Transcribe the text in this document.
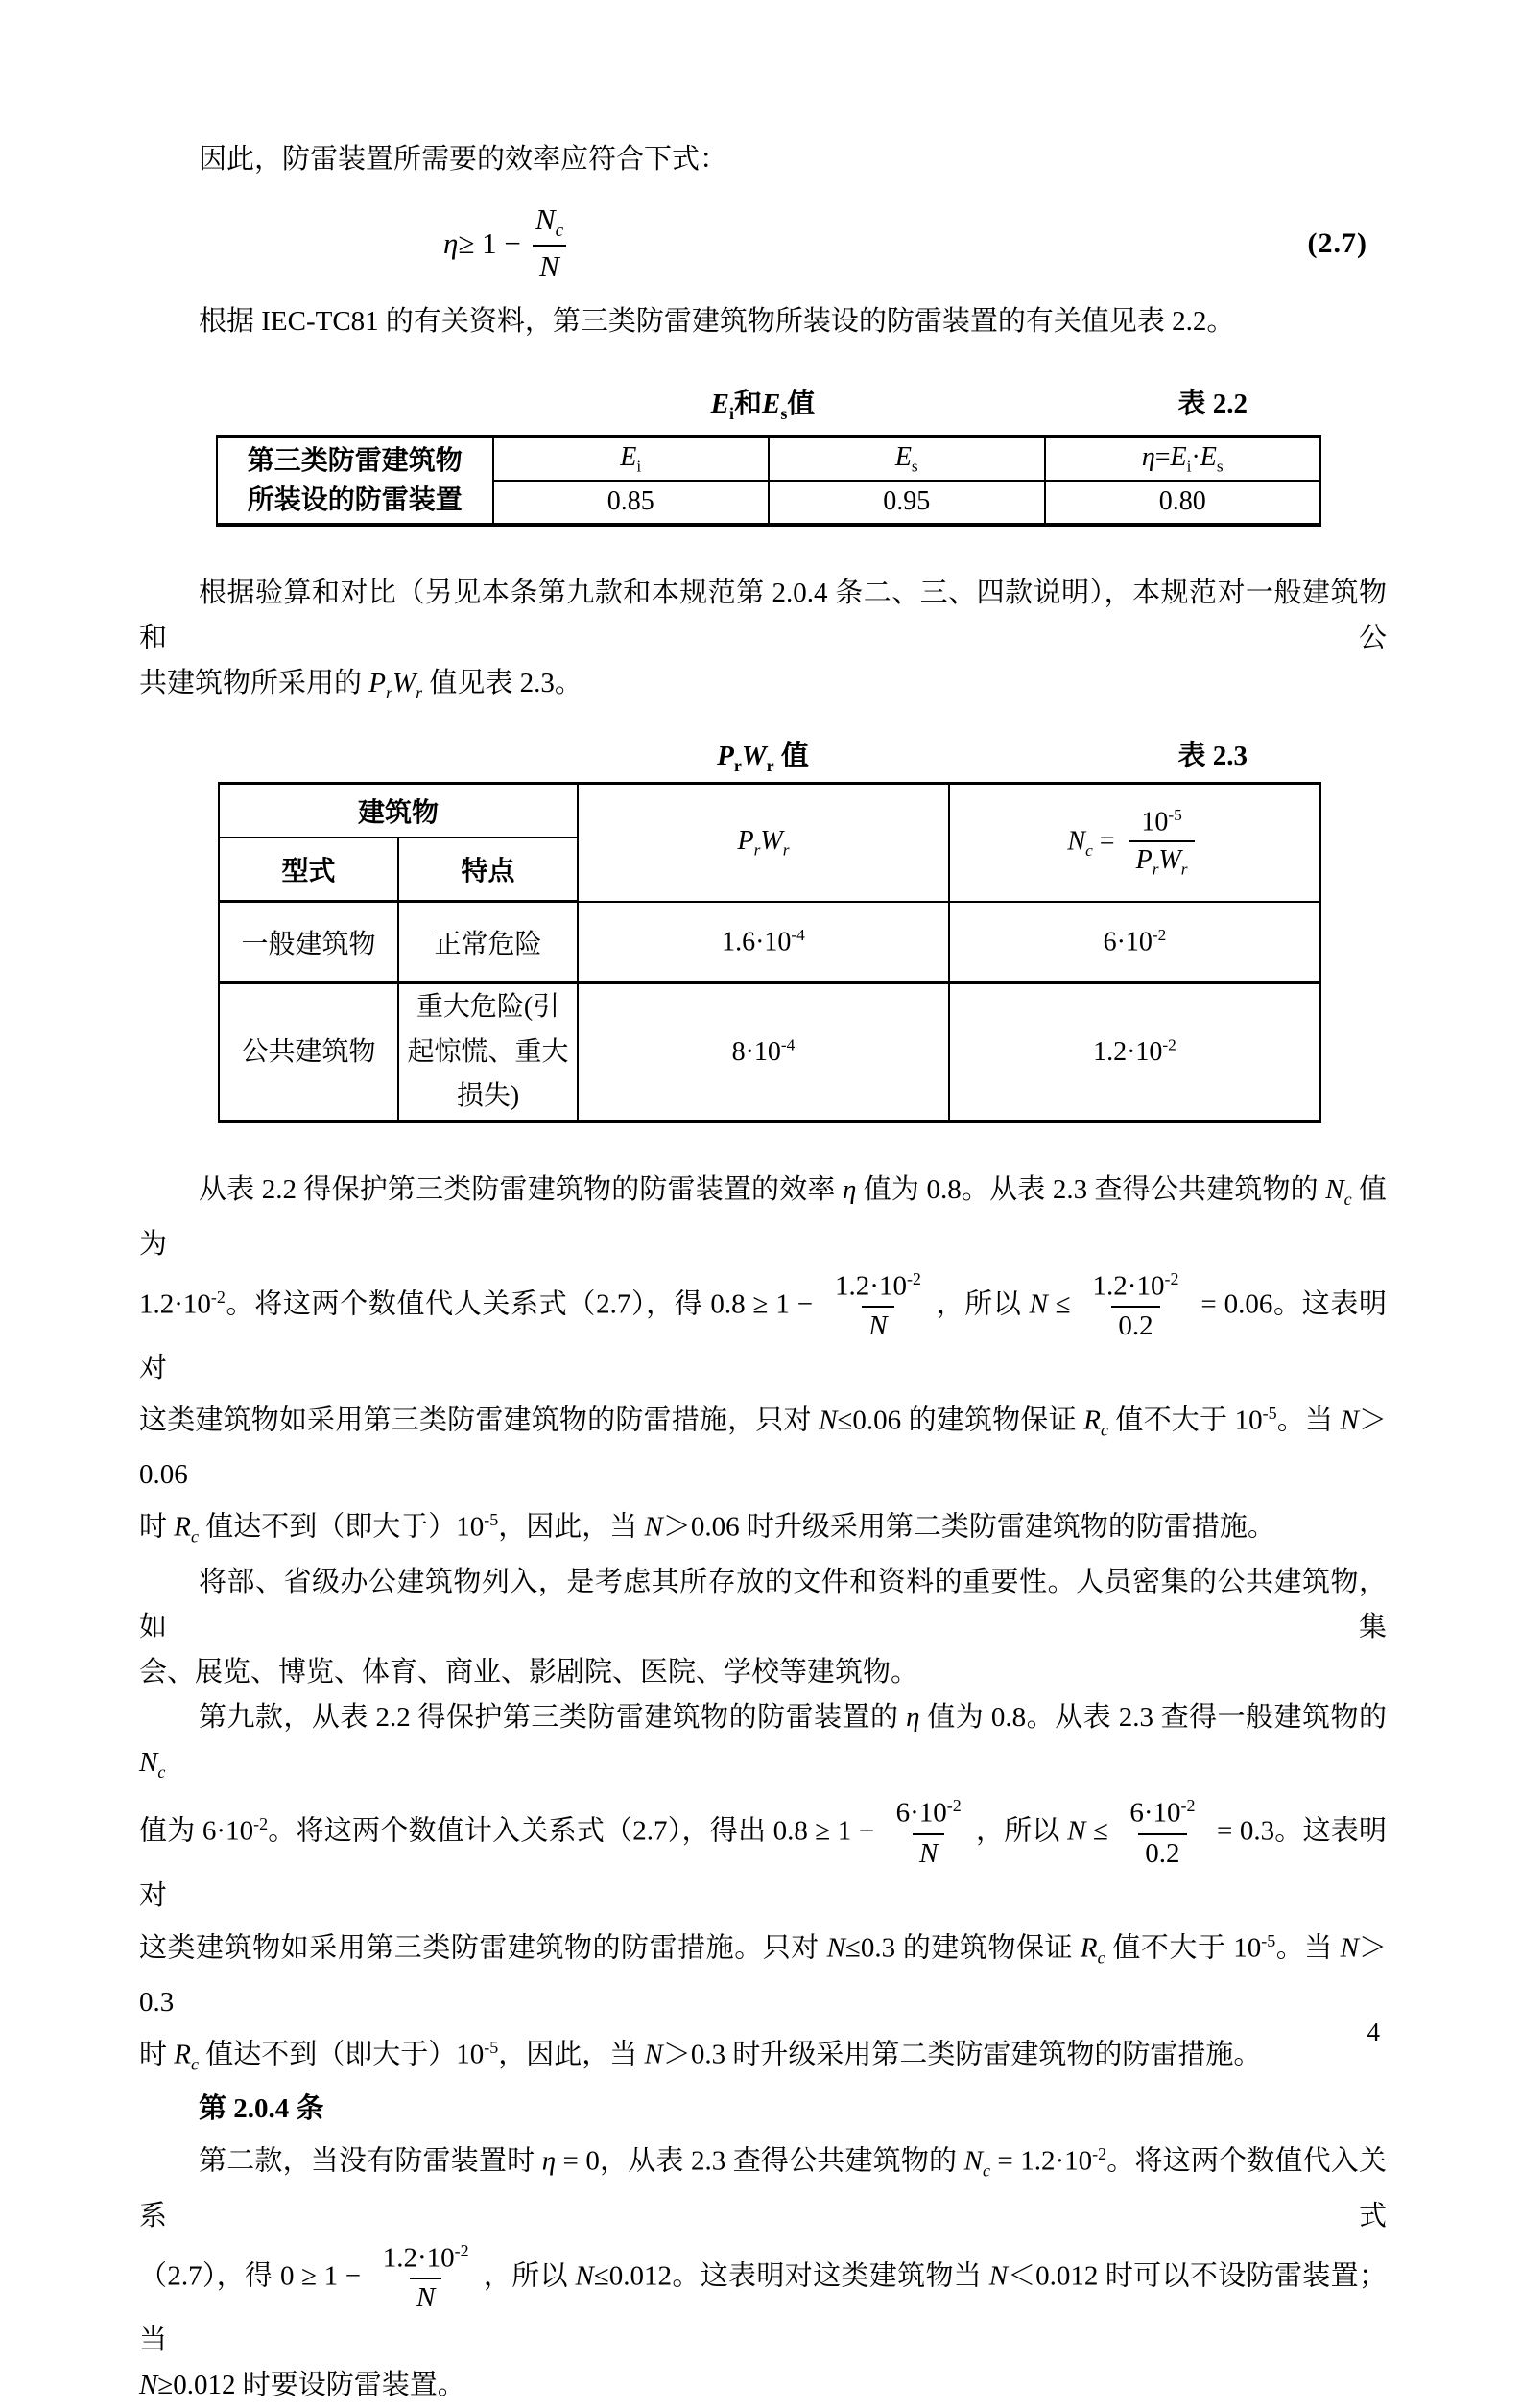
因此，防雷装置所需要的效率应符合下式：
$\eta \ge 1 - \frac{N_c}{N}$	(2.7)
根据 IEC-TC81 的有关资料，第三类防雷建筑物所装设的防雷装置的有关值见表 2.2。
$E_i$和$E_s$值	表 2.2
第三类防雷建筑物
所装设的防雷装置	$E_i$	$E_s$	$\eta=E_i\cdot E_s$
	0.85	0.95	0.80
根据验算和对比（另见本条第九款和本规范第 2.0.4 条二、三、四款说明），本规范对一般建筑物和公
共建筑物所采用的 $P_rW_r$ 值见表 2.3。
$P_rW_r$ 值	表 2.3
建筑物		$P_rW_r$	$N_c = \frac{10^{-5}}{P_rW_r}$

型式	特点		
一般建筑物	正常危险	$1.6\cdot 10^{-4}$	$6\cdot 10^{-2}$
公共建筑物	重大危险(引起惊慌、重大损失)	$8\cdot 10^{-4}$	$1.2\cdot 10^{-2}$
从表 2.2 得保护第三类防雷建筑物的防雷装置的效率 η 值为 0.8。从表 2.3 查得公共建筑物的 $N_c$ 值为
$1.2\cdot 10^{-2}$。将这两个数值代人关系式（2.7），得 $0.8 \ge 1 - \frac{1.2\cdot 10^{-2}}{N}$ ，所以 $N \le \frac{1.2\cdot 10^{-2}}{0.2} = 0.06$。这表明对
这类建筑物如采用第三类防雷建筑物的防雷措施，只对 N≤0.06 的建筑物保证 $R_c$ 值不大于 $10^{-5}$。当 N＞0.06
时 $R_c$ 值达不到（即大于）$10^{-5}$，因此，当 N＞0.06 时升级采用第二类防雷建筑物的防雷措施。
将部、省级办公建筑物列入，是考虑其所存放的文件和资料的重要性。人员密集的公共建筑物，如集
会、展览、博览、体育、商业、影剧院、医院、学校等建筑物。
第九款，从表 2.2 得保护第三类防雷建筑物的防雷装置的 η 值为 0.8。从表 2.3 查得一般建筑物的 $N_c$
值为 $6\cdot 10^{-2}$。将这两个数值计入关系式（2.7），得出 $0.8 \ge 1 - \frac{6\cdot 10^{-2}}{N}$ ，所以 $N \le \frac{6\cdot 10^{-2}}{0.2} = 0.3$。这表明对
这类建筑物如采用第三类防雷建筑物的防雷措施。只对 N≤0.3 的建筑物保证 $R_c$ 值不大于 $10^{-5}$。当 N＞0.3
时 $R_c$ 值达不到（即大于）$10^{-5}$，因此，当 N＞0.3 时升级采用第二类防雷建筑物的防雷措施。
第 2.0.4 条
第二款，当没有防雷装置时 η = 0，从表 2.3 查得公共建筑物的 $N_c = 1.2\cdot 10^{-2}$。将这两个数值代入关系式
（2.7），得 $0 \ge 1 - \frac{1.2\cdot 10^{-2}}{N}$ ，所以 N≤0.012。这表明对这类建筑物当 N＜0.012 时可以不设防雷装置；当
N≥0.012 时要设防雷装置。
4
